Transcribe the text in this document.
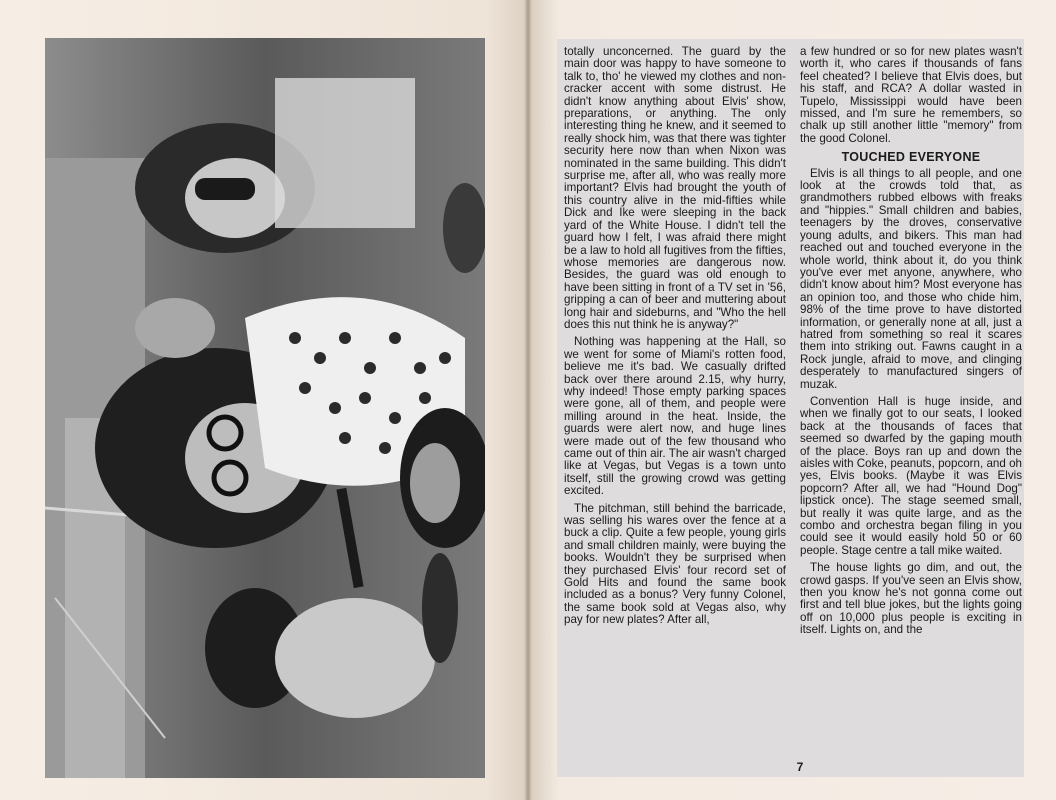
totally unconcerned. The guard by the main door was happy to have someone to talk to, tho' he viewed my clothes and non-cracker accent with some distrust. He didn't know anything about Elvis' show, preparations, or anything. The only interesting thing he knew, and it seemed to really shock him, was that there was tighter security here now than when Nixon was nominated in the same building. This didn't surprise me, after all, who was really more important? Elvis had brought the youth of this country alive in the mid-fifties while Dick and Ike were sleeping in the back yard of the White House. I didn't tell the guard how I felt, I was afraid there might be a law to hold all fugitives from the fifties, whose memories are dangerous now. Besides, the guard was old enough to have been sitting in front of a TV set in '56, gripping a can of beer and muttering about long hair and sideburns, and "Who the hell does this nut think he is anyway?"

Nothing was happening at the Hall, so we went for some of Miami's rotten food, believe me it's bad. We casually drifted back over there around 2.15, why hurry, why indeed! Those empty parking spaces were gone, all of them, and people were milling around in the heat. Inside, the guards were alert now, and huge lines were made out of the few thousand who came out of thin air. The air wasn't charged like at Vegas, but Vegas is a town unto itself, still the growing crowd was getting excited.

The pitchman, still behind the barricade, was selling his wares over the fence at a buck a clip. Quite a few people, young girls and small children mainly, were buying the books. Wouldn't they be surprised when they purchased Elvis' four record set of Gold Hits and found the same book included as a bonus? Very funny Colonel, the same book sold at Vegas also, why pay for new plates? After all,

a few hundred or so for new plates wasn't worth it, who cares if thousands of fans feel cheated? I believe that Elvis does, but his staff, and RCA? A dollar wasted in Tupelo, Mississippi would have been missed, and I'm sure he remembers, so chalk up still another little "memory" from the good Colonel.

TOUCHED EVERYONE

Elvis is all things to all people, and one look at the crowds told that, as grandmothers rubbed elbows with freaks and "hippies." Small children and babies, teenagers by the droves, conservative young adults, and bikers. This man had reached out and touched everyone in the whole world, think about it, do you think you've ever met anyone, anywhere, who didn't know about him? Most everyone has an opinion too, and those who chide him, 98% of the time prove to have distorted information, or generally none at all, just a hatred from something so real it scares them into striking out. Fawns caught in a Rock jungle, afraid to move, and clinging desperately to manufactured singers of muzak.

Convention Hall is huge inside, and when we finally got to our seats, I looked back at the thousands of faces that seemed so dwarfed by the gaping mouth of the place. Boys ran up and down the aisles with Coke, peanuts, popcorn, and oh yes, Elvis books. (Maybe it was Elvis popcorn? After all, we had "Hound Dog" lipstick once). The stage seemed small, but really it was quite large, and as the combo and orchestra began filing in you could see it would easily hold 50 or 60 people. Stage centre a tall mike waited.

The house lights go dim, and out, the crowd gasps. If you've seen an Elvis show, then you know he's not gonna come out first and tell blue jokes, but the lights going off on 10,000 plus people is exciting in itself. Lights on, and the

7
